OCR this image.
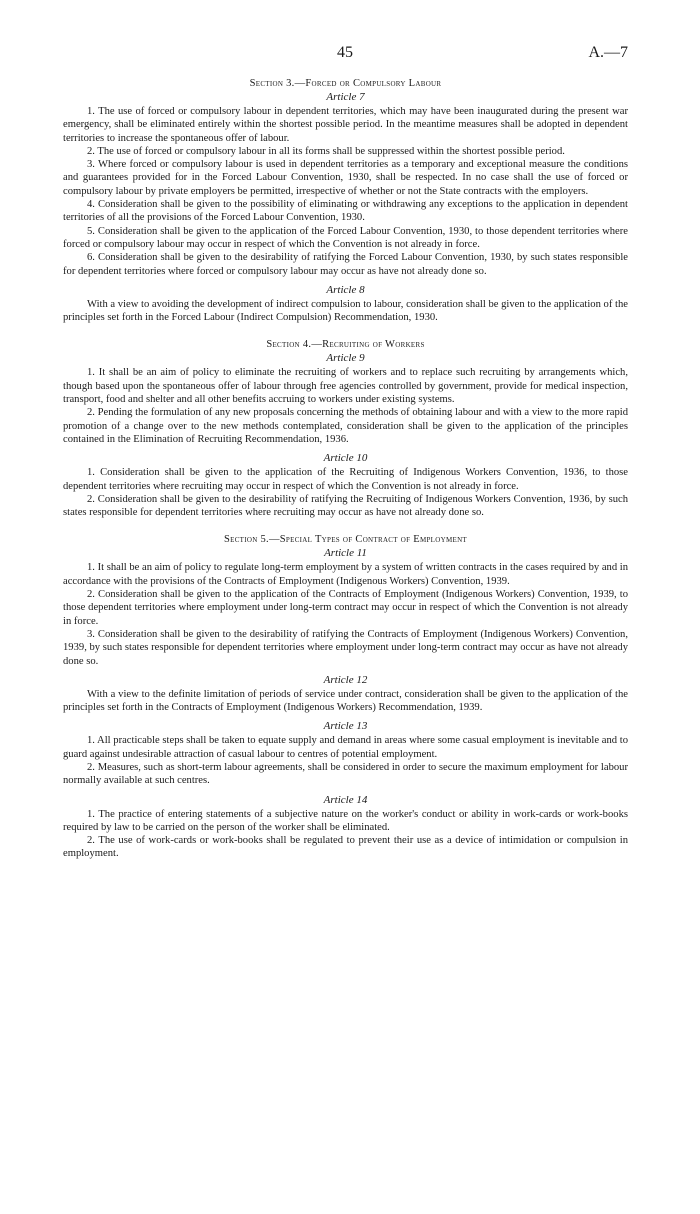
45	A.—7
Section 3.—Forced or Compulsory Labour
Article 7

1. The use of forced or compulsory labour in dependent territories, which may have been inaugurated during the present war emergency, shall be eliminated entirely within the shortest possible period. In the meantime measures shall be adopted in dependent territories to increase the spontaneous offer of labour.

2. The use of forced or compulsory labour in all its forms shall be suppressed within the shortest possible period.

3. Where forced or compulsory labour is used in dependent territories as a temporary and exceptional measure the conditions and guarantees provided for in the Forced Labour Convention, 1930, shall be respected. In no case shall the use of forced or compulsory labour by private employers be permitted, irrespective of whether or not the State contracts with the employers.

4. Consideration shall be given to the possibility of eliminating or withdrawing any exceptions to the application in dependent territories of all the provisions of the Forced Labour Convention, 1930.

5. Consideration shall be given to the application of the Forced Labour Convention, 1930, to those dependent territories where forced or compulsory labour may occur in respect of which the Convention is not already in force.

6. Consideration shall be given to the desirability of ratifying the Forced Labour Convention, 1930, by such states responsible for dependent territories where forced or compulsory labour may occur as have not already done so.

Article 8

With a view to avoiding the development of indirect compulsion to labour, consideration shall be given to the application of the principles set forth in the Forced Labour (Indirect Compulsion) Recommendation, 1930.

Section 4.—Recruiting of Workers
Article 9

1. It shall be an aim of policy to eliminate the recruiting of workers and to replace such recruiting by arrangements which, though based upon the spontaneous offer of labour through free agencies controlled by government, provide for medical inspection, transport, food and shelter and all other benefits accruing to workers under existing systems.

2. Pending the formulation of any new proposals concerning the methods of obtaining labour and with a view to the more rapid promotion of a change over to the new methods contemplated, consideration shall be given to the application of the principles contained in the Elimination of Recruiting Recommendation, 1936.

Article 10

1. Consideration shall be given to the application of the Recruiting of Indigenous Workers Convention, 1936, to those dependent territories where recruiting may occur in respect of which the Convention is not already in force.

2. Consideration shall be given to the desirability of ratifying the Recruiting of Indigenous Workers Convention, 1936, by such states responsible for dependent territories where recruiting may occur as have not already done so.

Section 5.—Special Types of Contract of Employment
Article 11

1. It shall be an aim of policy to regulate long-term employment by a system of written contracts in the cases required by and in accordance with the provisions of the Contracts of Employment (Indigenous Workers) Convention, 1939.

2. Consideration shall be given to the application of the Contracts of Employment (Indigenous Workers) Convention, 1939, to those dependent territories where employment under long-term contract may occur in respect of which the Convention is not already in force.

3. Consideration shall be given to the desirability of ratifying the Contracts of Employment (Indigenous Workers) Convention, 1939, by such states responsible for dependent territories where employment under long-term contract may occur as have not already done so.

Article 12

With a view to the definite limitation of periods of service under contract, consideration shall be given to the application of the principles set forth in the Contracts of Employment (Indigenous Workers) Recommendation, 1939.

Article 13

1. All practicable steps shall be taken to equate supply and demand in areas where some casual employment is inevitable and to guard against undesirable attraction of casual labour to centres of potential employment.

2. Measures, such as short-term labour agreements, shall be considered in order to secure the maximum employment for labour normally available at such centres.

Article 14

1. The practice of entering statements of a subjective nature on the worker's conduct or ability in work-cards or work-books required by law to be carried on the person of the worker shall be eliminated.

2. The use of work-cards or work-books shall be regulated to prevent their use as a device of intimidation or compulsion in employment.
